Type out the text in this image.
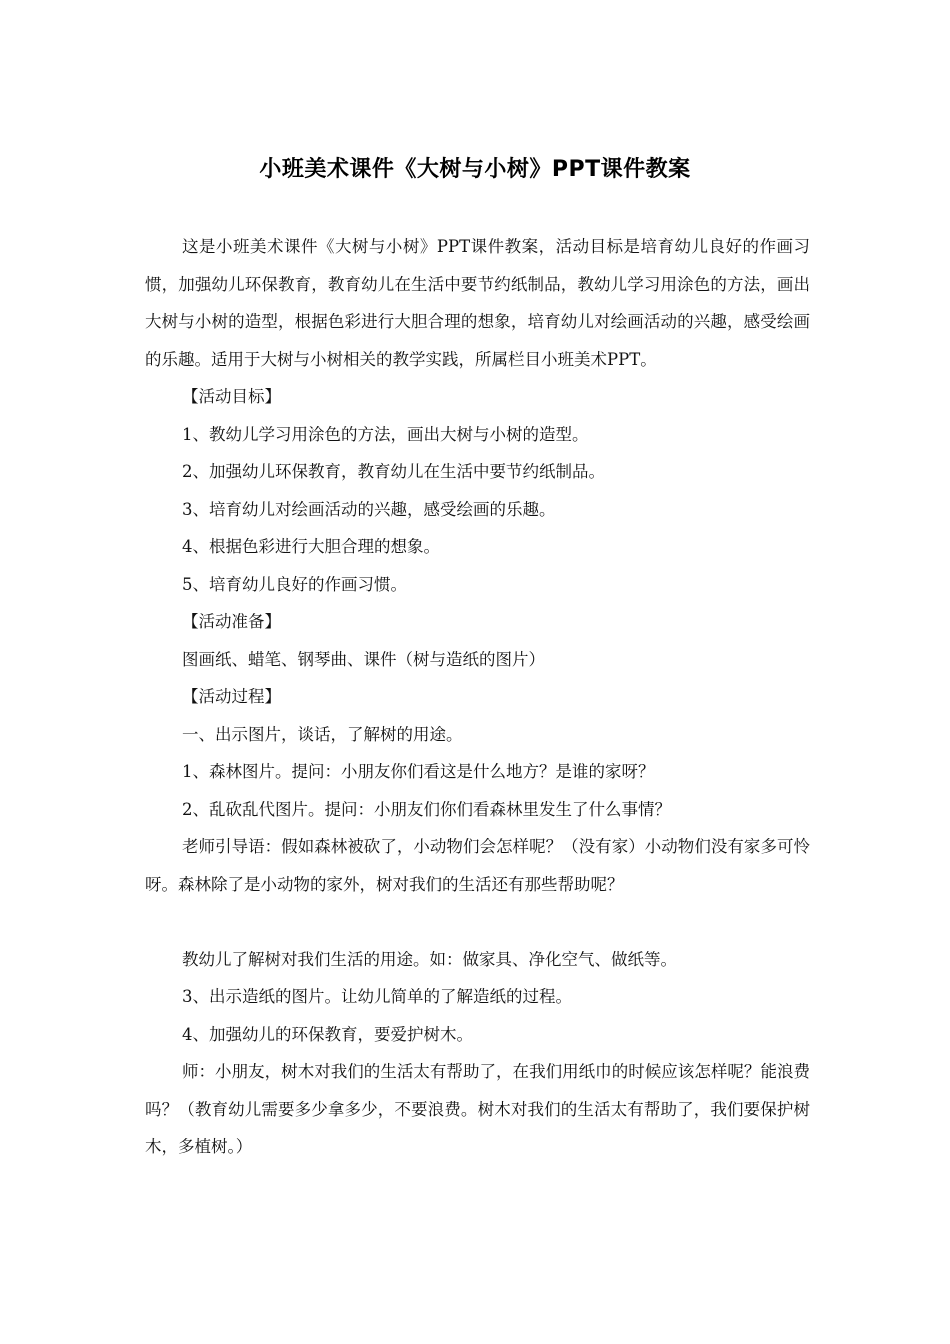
小班美术课件《大树与小树》PPT课件教案

这是小班美术课件《大树与小树》PPT课件教案，活动目标是培育幼儿良好的作画习惯，加强幼儿环保教育，教育幼儿在生活中要节约纸制品，教幼儿学习用涂色的方法，画出大树与小树的造型，根据色彩进行大胆合理的想象，培育幼儿对绘画活动的兴趣，感受绘画的乐趣。适用于大树与小树相关的教学实践，所属栏目小班美术PPT。

【活动目标】

1、教幼儿学习用涂色的方法，画出大树与小树的造型。

2、加强幼儿环保教育，教育幼儿在生活中要节约纸制品。

3、培育幼儿对绘画活动的兴趣，感受绘画的乐趣。

4、根据色彩进行大胆合理的想象。

5、培育幼儿良好的作画习惯。

【活动准备】

图画纸、蜡笔、钢琴曲、课件（树与造纸的图片）

【活动过程】

一、出示图片，谈话，了解树的用途。

1、森林图片。提问：小朋友你们看这是什么地方？是谁的家呀？

2、乱砍乱代图片。提问：小朋友们你们看森林里发生了什么事情？

老师引导语：假如森林被砍了，小动物们会怎样呢？（没有家）小动物们没有家多可怜呀。森林除了是小动物的家外，树对我们的生活还有那些帮助呢？

教幼儿了解树对我们生活的用途。如：做家具、净化空气、做纸等。

3、出示造纸的图片。让幼儿简单的了解造纸的过程。

4、加强幼儿的环保教育，要爱护树木。

师：小朋友，树木对我们的生活太有帮助了，在我们用纸巾的时候应该怎样呢？能浪费吗？（教育幼儿需要多少拿多少，不要浪费。树木对我们的生活太有帮助了，我们要保护树木，多植树。）
